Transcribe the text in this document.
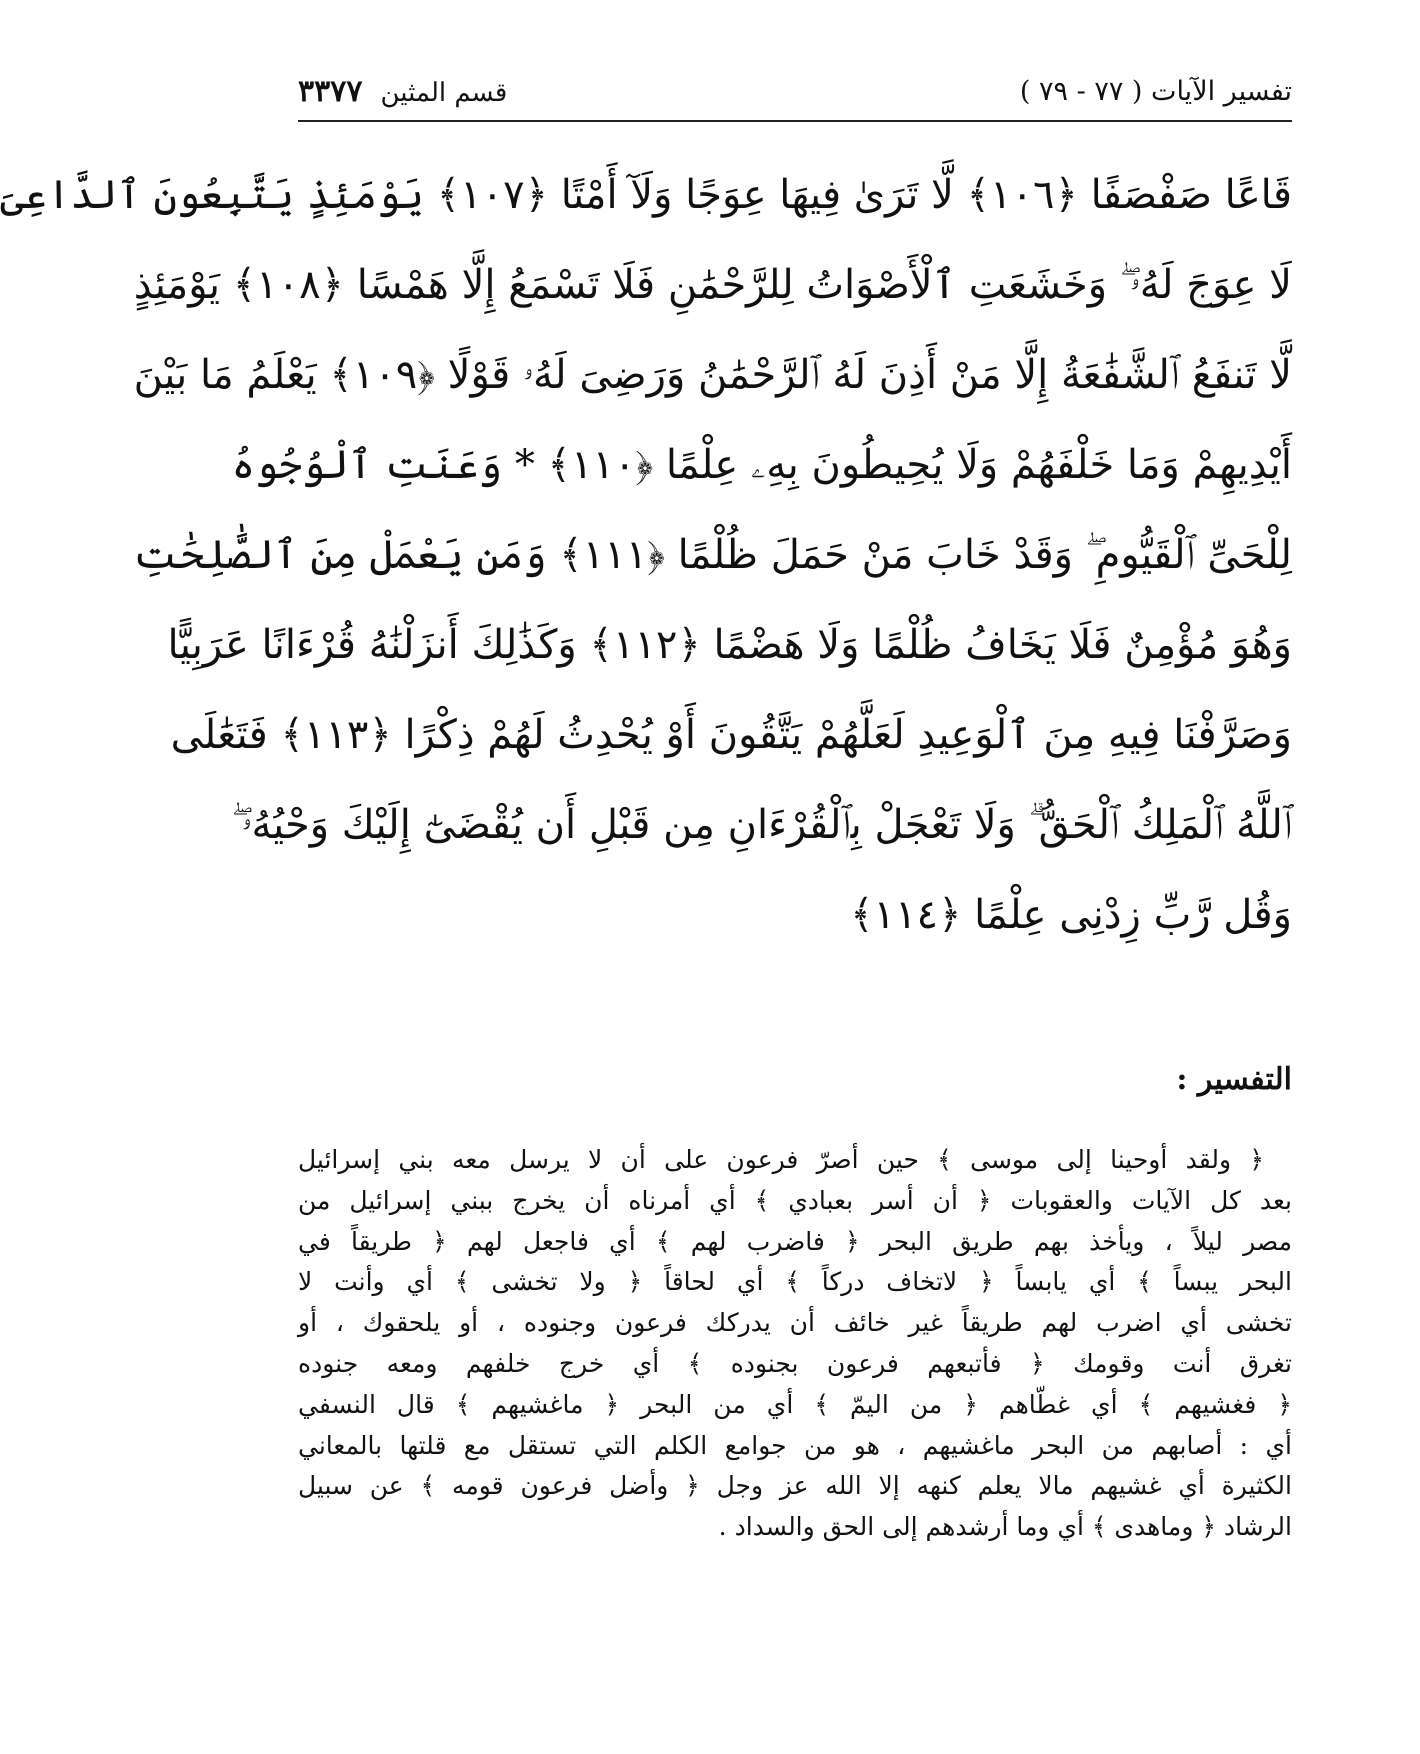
تفسير الآيات ( ٧٧ - ٧٩ )
قسم المثين
٣٣٧٧
قَاعًا صَفْصَفًا ﴿١٠٦﴾ لَّا تَرَىٰ فِيهَا عِوَجًا وَلَآ أَمْتًا ﴿١٠٧﴾ يَوْمَئِذٍ يَتَّبِعُونَ ٱلدَّاعِىَ
لَا عِوَجَ لَهُۥ ۖ وَخَشَعَتِ ٱلْأَصْوَاتُ لِلرَّحْمَٰنِ فَلَا تَسْمَعُ إِلَّا هَمْسًا ﴿١٠٨﴾ يَوْمَئِذٍ
لَّا تَنفَعُ ٱلشَّفَٰعَةُ إِلَّا مَنْ أَذِنَ لَهُ ٱلرَّحْمَٰنُ وَرَضِىَ لَهُۥ قَوْلًا ﴿١٠٩﴾ يَعْلَمُ مَا بَيْنَ
أَيْدِيهِمْ وَمَا خَلْفَهُمْ وَلَا يُحِيطُونَ بِهِۦ عِلْمًا ﴿١١٠﴾ * وَعَنَتِ ٱلْوُجُوهُ
لِلْحَىِّ ٱلْقَيُّومِ ۖ وَقَدْ خَابَ مَنْ حَمَلَ ظُلْمًا ﴿١١١﴾ وَمَن يَعْمَلْ مِنَ ٱلصَّٰلِحَٰتِ
وَهُوَ مُؤْمِنٌ فَلَا يَخَافُ ظُلْمًا وَلَا هَضْمًا ﴿١١٢﴾ وَكَذَٰلِكَ أَنزَلْنَٰهُ قُرْءَانًا عَرَبِيًّا
وَصَرَّفْنَا فِيهِ مِنَ ٱلْوَعِيدِ لَعَلَّهُمْ يَتَّقُونَ أَوْ يُحْدِثُ لَهُمْ ذِكْرًا ﴿١١٣﴾ فَتَعَٰلَى
ٱللَّهُ ٱلْمَلِكُ ٱلْحَقُّ ۗ وَلَا تَعْجَلْ بِٱلْقُرْءَانِ مِن قَبْلِ أَن يُقْضَىٰٓ إِلَيْكَ وَحْيُهُۥ ۖ
وَقُل رَّبِّ زِدْنِى عِلْمًا ﴿١١٤﴾
التفسير :
﴿ ولقد أوحينا إلى موسى ﴾ حين أصرّ فرعون على أن لا يرسل معه بني إسرائيل
بعد كل الآيات والعقوبات ﴿ أن أسر بعبادي ﴾ أي أمرناه أن يخرج ببني إسرائيل من
مصر ليلاً ، ويأخذ بهم طريق البحر ﴿ فاضرب لهم ﴾ أي فاجعل لهم ﴿ طريقاً في
البحر يبساً ﴾ أي يابساً ﴿ لاتخاف دركاً ﴾ أي لحاقاً ﴿ ولا تخشى ﴾ أي وأنت لا
تخشى أي اضرب لهم طريقاً غير خائف أن يدركك فرعون وجنوده ، أو يلحقوك ، أو
تغرق أنت وقومك ﴿ فأتبعهم فرعون بجنوده ﴾ أي خرج خلفهم ومعه جنوده
﴿ فغشيهم ﴾ أي غطّاهم ﴿ من اليمّ ﴾ أي من البحر ﴿ ماغشيهم ﴾ قال النسفي
أي : أصابهم من البحر ماغشيهم ، هو من جوامع الكلم التي تستقل مع قلتها بالمعاني
الكثيرة أي غشيهم مالا يعلم كنهه إلا الله عز وجل ﴿ وأضل فرعون قومه ﴾ عن سبيل
الرشاد ﴿ وماهدى ﴾ أي وما أرشدهم إلى الحق والسداد .
